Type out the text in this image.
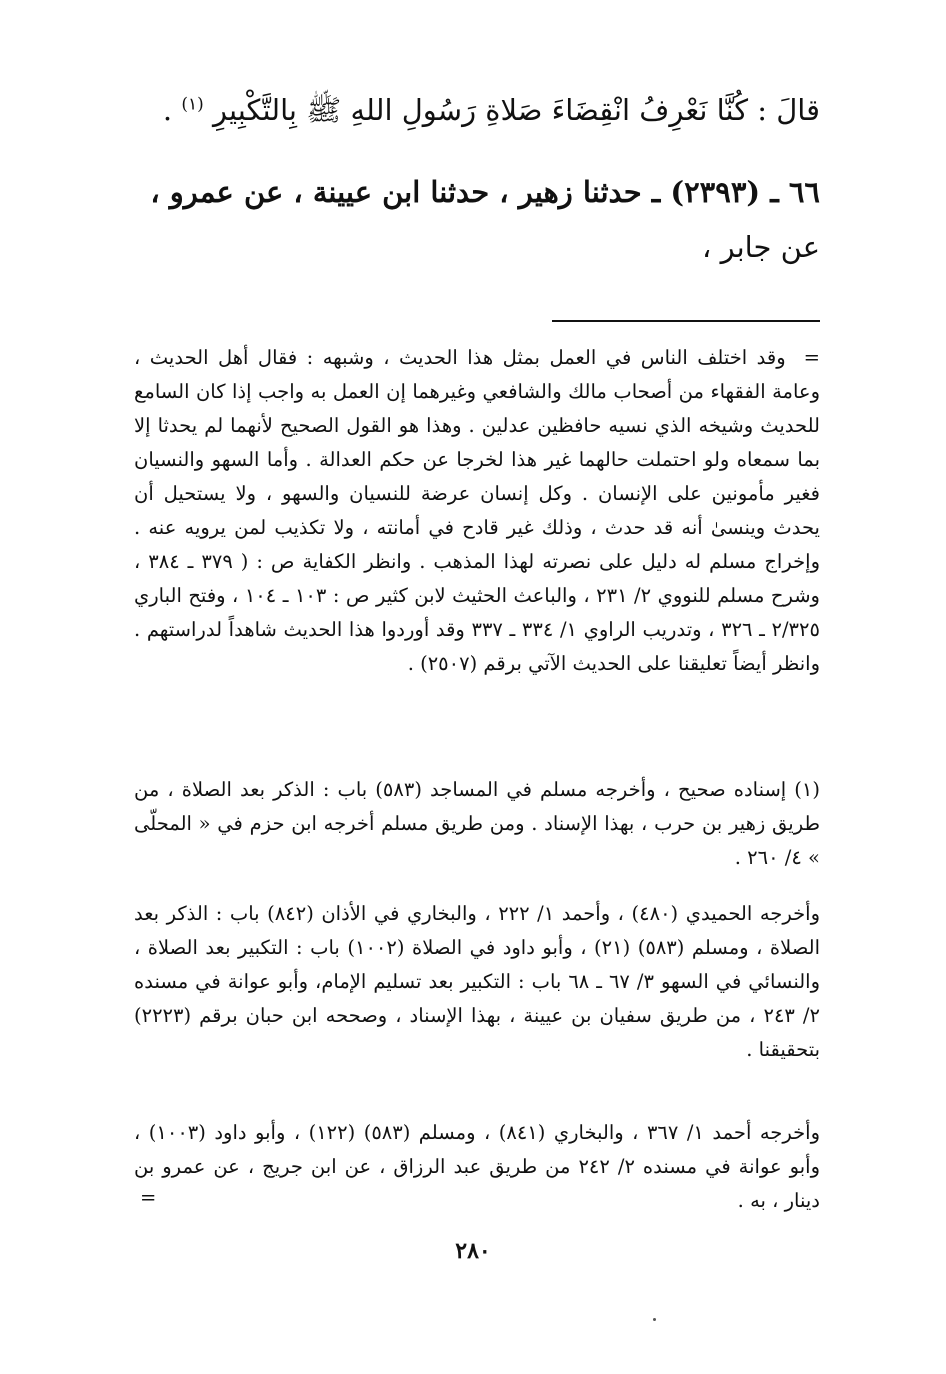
قالَ : كُنَّا نَعْرِفُ انْقِضَاءَ صَلاةِ رَسُولِ اللهِ ﷺ بِالتَّكْبِيرِ $^{(١)}$ .
٦٦ ـ (٢٣٩٣) ـ حدثنا زهير ، حدثنا ابن عيينة ، عن عمرو ،
عن جابر ،
=وقد اختلف الناس في العمل بمثل هذا الحديث ، وشبهه : فقال أهل الحديث ، وعامة الفقهاء من أصحاب مالك والشافعي وغيرهما إن العمل به واجب إذا كان السامع للحديث وشيخه الذي نسيه حافظين عدلين . وهذا هو القول الصحيح لأنهما لم يحدثا إلا بما سمعاه ولو احتملت حالهما غير هذا لخرجا عن حكم العدالة . وأما السهو والنسيان فغير مأمونين على الإنسان . وكل إنسان عرضة للنسيان والسهو ، ولا يستحيل أن يحدث وينسىٰ أنه قد حدث ، وذلك غير قادح في أمانته ، ولا تكذيب لمن يرويه عنه . وإخراج مسلم له دليل على نصرته لهذا المذهب . وانظر الكفاية ص : ( ٣٧٩ ـ ٣٨٤ ، وشرح مسلم للنووي ٢/ ٢٣١ ، والباعث الحثيث لابن كثير ص : ١٠٣ ـ ١٠٤ ، وفتح الباري ٢/٣٢٥ ـ ٣٢٦ ، وتدريب الراوي ١/ ٣٣٤ ـ ٣٣٧ وقد أوردوا هذا الحديث شاهداً لدراستهم . وانظر أيضاً تعليقنا على الحديث الآتي برقم (٢٥٠٧) .
(١) إسناده صحيح ، وأخرجه مسلم في المساجد (٥٨٣) باب : الذكر بعد الصلاة ، من طريق زهير بن حرب ، بهذا الإسناد . ومن طريق مسلم أخرجه ابن حزم في « المحلّى » ٤/ ٢٦٠ .
وأخرجه الحميدي (٤٨٠) ، وأحمد ١/ ٢٢٢ ، والبخاري في الأذان (٨٤٢) باب : الذكر بعد الصلاة ، ومسلم (٥٨٣) (٢١) ، وأبو داود في الصلاة (١٠٠٢) باب : التكبير بعد الصلاة ، والنسائي في السهو ٣/ ٦٧ ـ ٦٨ باب : التكبير بعد تسليم الإمام، وأبو عوانة في مسنده ٢/ ٢٤٣ ، من طريق سفيان بن عيينة ، بهذا الإسناد ، وصححه ابن حبان برقم (٢٢٢٣) بتحقيقنا .
وأخرجه أحمد ١/ ٣٦٧ ، والبخاري (٨٤١) ، ومسلم (٥٨٣) (١٢٢) ، وأبو داود (١٠٠٣) ، وأبو عوانة في مسنده ٢/ ٢٤٢ من طريق عبد الرزاق ، عن ابن جريج ، عن عمرو بن دينار ، به .
=
٢٨٠
